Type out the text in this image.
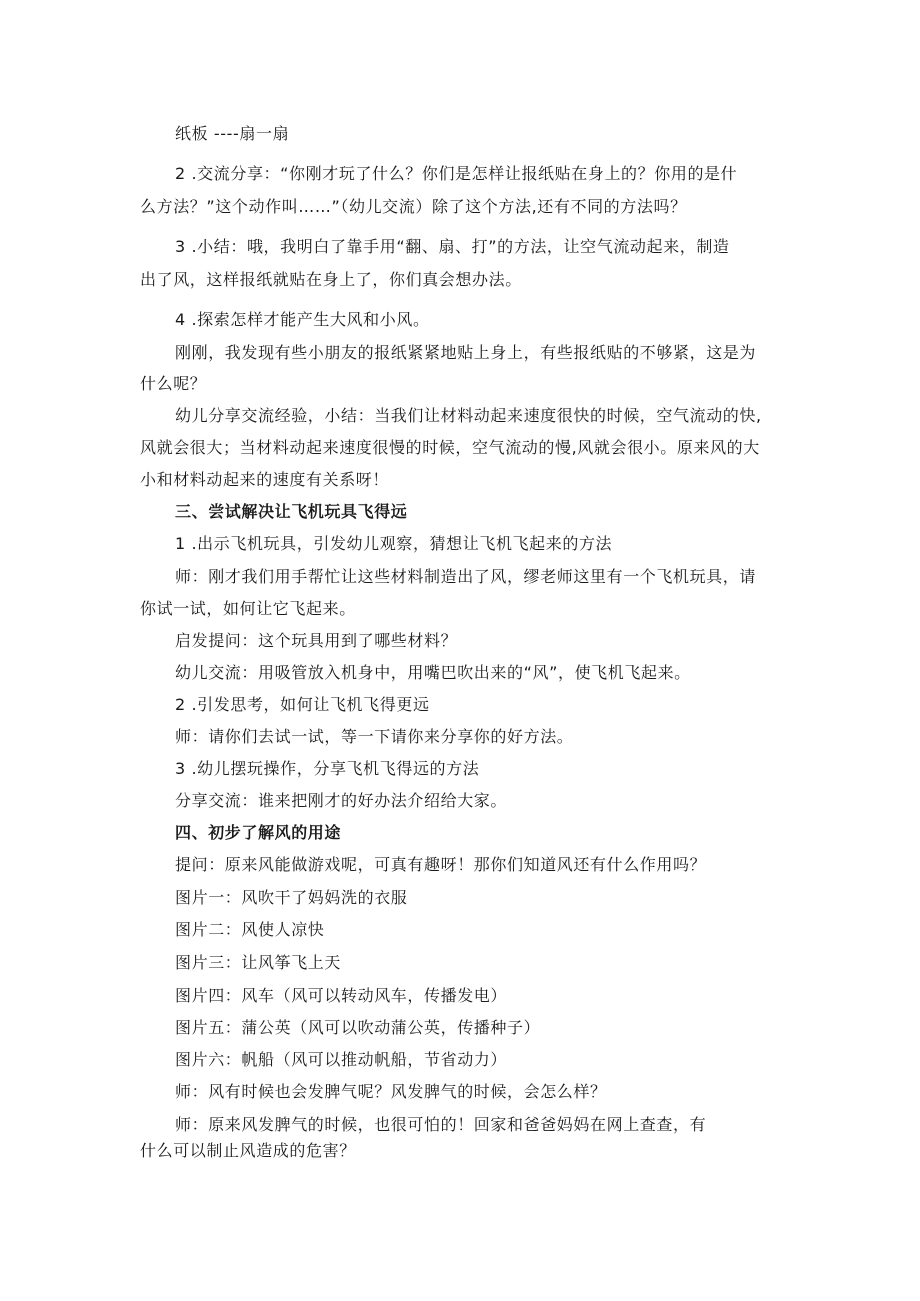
纸板 ----扇一扇

2 .交流分享：“你刚才玩了什么？你们是怎样让报纸贴在身上的？你用的是什

么方法？”这个动作叫……”（幼儿交流）除了这个方法,还有不同的方法吗？

3 .小结：哦，我明白了靠手用“翻、扇、打”的方法，让空气流动起来，制造

出了风，这样报纸就贴在身上了，你们真会想办法。

4 .探索怎样才能产生大风和小风。

刚刚，我发现有些小朋友的报纸紧紧地贴上身上，有些报纸贴的不够紧，这是为

什么呢？

幼儿分享交流经验，小结：当我们让材料动起来速度很快的时候，空气流动的快,

风就会很大；当材料动起来速度很慢的时候，空气流动的慢,风就会很小。原来风的大

小和材料动起来的速度有关系呀！

三、尝试解决让飞机玩具飞得远

1 .出示飞机玩具，引发幼儿观察，猜想让飞机飞起来的方法

师：刚才我们用手帮忙让这些材料制造出了风，缪老师这里有一个飞机玩具，请

你试一试，如何让它飞起来。

启发提问：这个玩具用到了哪些材料？

幼儿交流：用吸管放入机身中，用嘴巴吹出来的“风”，使飞机飞起来。

2 .引发思考，如何让飞机飞得更远

师：请你们去试一试，等一下请你来分享你的好方法。

3 .幼儿摆玩操作，分享飞机飞得远的方法

分享交流：谁来把刚才的好办法介绍给大家。

四、初步了解风的用途

提问：原来风能做游戏呢，可真有趣呀！那你们知道风还有什么作用吗？

图片一：风吹干了妈妈洗的衣服

图片二：风使人凉快

图片三：让风筝飞上天

图片四：风车（风可以转动风车，传播发电）

图片五：蒲公英（风可以吹动蒲公英，传播种子）

图片六：帆船（风可以推动帆船，节省动力）

师：风有时候也会发脾气呢？风发脾气的时候，会怎么样？

师：原来风发脾气的时候，也很可怕的！回家和爸爸妈妈在网上查查，有

什么可以制止风造成的危害？
